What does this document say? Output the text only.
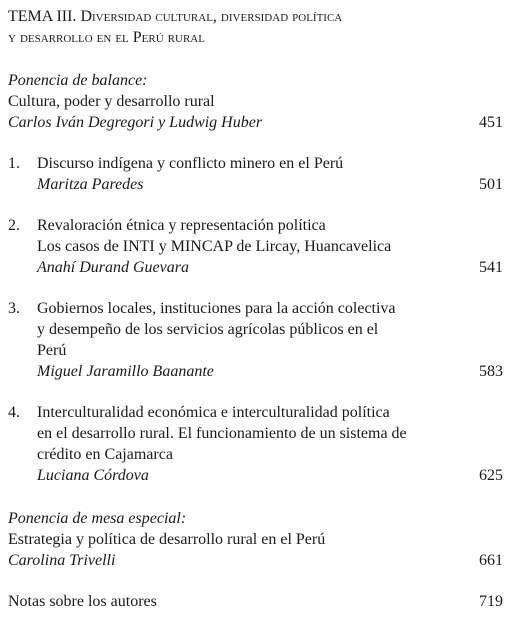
TEMA III. Diversidad cultural, diversidad política
y desarrollo en el Perú rural
Ponencia de balance:
Cultura, poder y desarrollo rural
Carlos Iván Degregori y Ludwig Huber	451
1. Discurso indígena y conflicto minero en el Perú
Maritza Paredes	501
2. Revaloración étnica y representación política
Los casos de INTI y MINCAP de Lircay, Huancavelica
Anahí Durand Guevara	541
3. Gobiernos locales, instituciones para la acción colectiva
y desempeño de los servicios agrícolas públicos en el
Perú
Miguel Jaramillo Baanante	583
4. Interculturalidad económica e interculturalidad política
en el desarrollo rural. El funcionamiento de un sistema de
crédito en Cajamarca
Luciana Córdova	625
Ponencia de mesa especial:
Estrategia y política de desarrollo rural en el Perú
Carolina Trivelli	661
Notas sobre los autores	719
